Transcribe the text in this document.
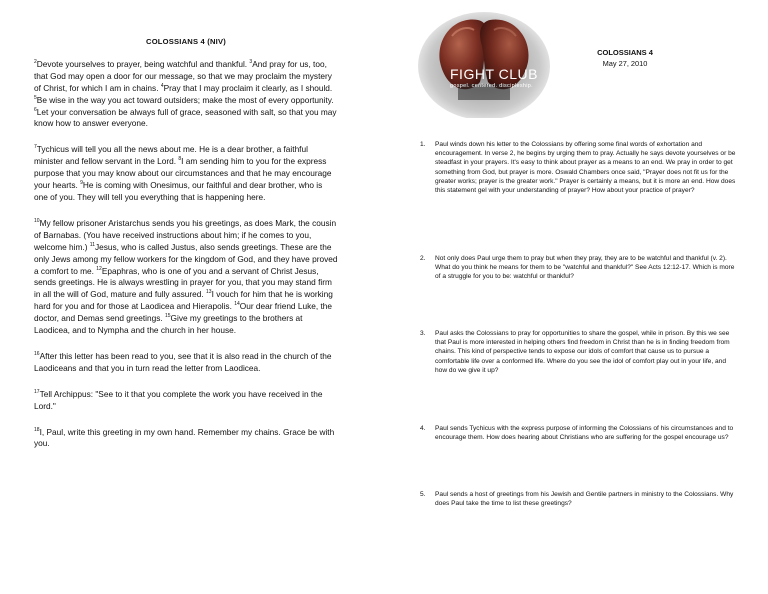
COLOSSIANS 4 (NIV)

$^2$Devote yourselves to prayer, being watchful and thankful. $^3$And pray for us, too, that God may open a door for our message, so that we may proclaim the mystery of Christ, for which I am in chains. $^4$Pray that I may proclaim it clearly, as I should. $^5$Be wise in the way you act toward outsiders; make the most of every opportunity. $^6$Let your conversation be always full of grace, seasoned with salt, so that you may know how to answer everyone.

$^7$Tychicus will tell you all the news about me. He is a dear brother, a faithful minister and fellow servant in the Lord. $^8$I am sending him to you for the express purpose that you may know about our circumstances and that he may encourage your hearts. $^9$He is coming with Onesimus, our faithful and dear brother, who is one of you. They will tell you everything that is happening here.

$^{10}$My fellow prisoner Aristarchus sends you his greetings, as does Mark, the cousin of Barnabas. (You have received instructions about him; if he comes to you, welcome him.) $^{11}$Jesus, who is called Justus, also sends greetings. These are the only Jews among my fellow workers for the kingdom of God, and they have proved a comfort to me. $^{12}$Epaphras, who is one of you and a servant of Christ Jesus, sends greetings. He is always wrestling in prayer for you, that you may stand firm in all the will of God, mature and fully assured. $^{13}$I vouch for him that he is working hard for you and for those at Laodicea and Hierapolis. $^{14}$Our dear friend Luke, the doctor, and Demas send greetings. $^{15}$Give my greetings to the brothers at Laodicea, and to Nympha and the church in her house.

$^{16}$After this letter has been read to you, see that it is also read in the church of the Laodiceans and that you in turn read the letter from Laodicea.

$^{17}$Tell Archippus: "See to it that you complete the work you have received in the Lord."

$^{18}$I, Paul, write this greeting in my own hand. Remember my chains. Grace be with you.

FIGHT CLUB
gospel. centered. discipleship.
COLOSSIANS 4
May 27, 2010
1.	Paul winds down his letter to the Colossians by offering some final words of exhortation and encouragement. In verse 2, he begins by urging them to pray. Actually he says devote yourselves or be steadfast in your prayers. It's easy to think about prayer as a means to an end. We pray in order to get something from God, but prayer is more. Oswald Chambers once said, "Prayer does not fit us for the greater works; prayer is the greater work." Prayer is certainly a means, but it is more an end. How does this statement gel with your understanding of prayer? How about your practice of prayer?
2.	Not only does Paul urge them to pray but when they pray, they are to be watchful and thankful (v. 2). What do you think he means for them to be "watchful and thankful?" See Acts 12:12-17. Which is more of a struggle for you to be: watchful or thankful?
3.	Paul asks the Colossians to pray for opportunities to share the gospel, while in prison. By this we see that Paul is more interested in helping others find freedom in Christ than he is in finding freedom from chains. This kind of perspective tends to expose our idols of comfort that cause us to pursue a comfortable life over a conformed life. Where do you see the idol of comfort play out in your life, and how do we give it up?
4.	Paul sends Tychicus with the express purpose of informing the Colossians of his circumstances and to encourage them. How does hearing about Christians who are suffering for the gospel encourage us?
5.	Paul sends a host of greetings from his Jewish and Gentile partners in ministry to the Colossians. Why does Paul take the time to list these greetings?
